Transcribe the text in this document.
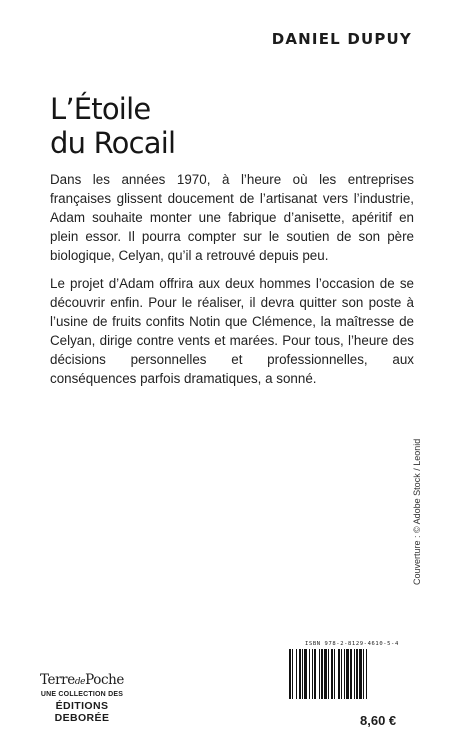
DANIEL DUPUY
L’Étoile
du Rocail

Dans les années 1970, à l’heure où les entreprises françaises glissent doucement de l’artisanat vers l’industrie, Adam souhaite monter une fabrique d’anisette, apéritif en plein essor. Il pourra compter sur le soutien de son père biologique, Celyan, qu’il a retrouvé depuis peu.

Le projet d’Adam offrira aux deux hommes l’occasion de se découvrir enfin. Pour le réaliser, il devra quitter son poste à l’usine de fruits confits Notin que Clémence, la maîtresse de Celyan, dirige contre vents et marées. Pour tous, l’heure des décisions personnelles et professionnelles, aux conséquences parfois dramatiques, a sonné.

Couverture : © Adobe Stock / Leonid
TerredePoche
UNE COLLECTION DES
ÉDITIONS DEBORÉE
ISBN 978-2-8129-4610-5-4
8,60 €
